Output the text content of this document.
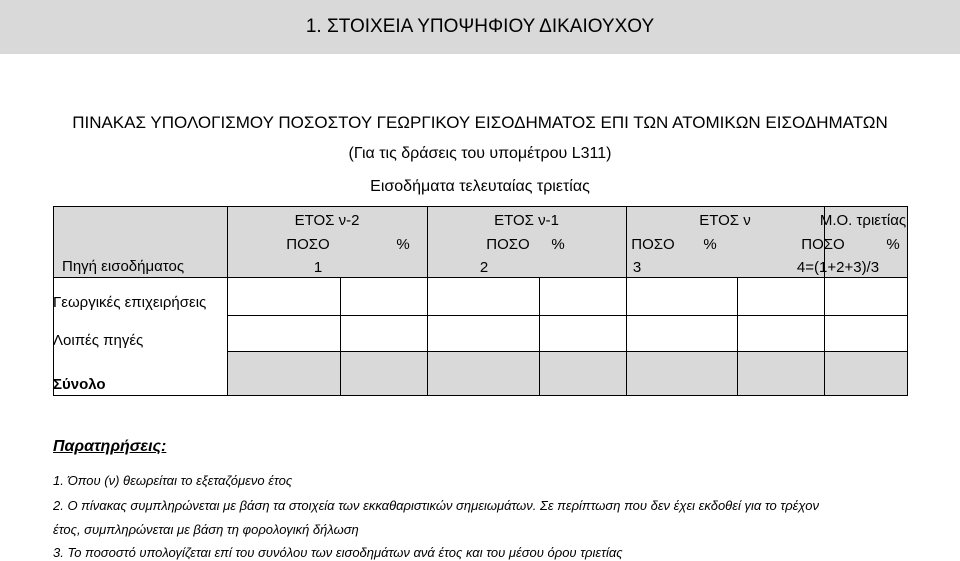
1. ΣΤΟΙΧΕΙΑ ΥΠΟΨΗΦΙΟΥ ΔΙΚΑΙΟΥΧΟΥ
ΠΙΝΑΚΑΣ ΥΠΟΛΟΓΙΣΜΟΥ ΠΟΣΟΣΤΟΥ ΓΕΩΡΓΙΚΟΥ ΕΙΣΟΔΗΜΑΤΟΣ ΕΠΙ ΤΩΝ ΑΤΟΜΙΚΩΝ ΕΙΣΟΔΗΜΑΤΩΝ
(Για τις δράσεις του υπομέτρου L311)
Εισοδήματα τελευταίας τριετίας
ΕΤΟΣ ν-2	ΕΤΟΣ ν-1	ΕΤΟΣ ν	Μ.Ο. τριετίας
ΠΟΣΟ	%	ΠΟΣΟ	%	ΠΟΣΟ	%	ΠΟΣΟ	%
Πηγή εισοδήματος	1	2	3	4=(1+2+3)/3
Γεωργικές επιχειρήσεις
Λοιπές πηγές
Σύνολο
Παρατηρήσεις:
1. Όπου (ν) θεωρείται το εξεταζόμενο έτος
2. Ο πίνακας συμπληρώνεται με βάση τα στοιχεία των εκκαθαριστικών σημειωμάτων. Σε περίπτωση που δεν έχει εκδοθεί για το τρέχον
έτος, συμπληρώνεται με βάση τη φορολογική δήλωση
3. Το ποσοστό υπολογίζεται επί του συνόλου των εισοδημάτων ανά έτος και του μέσου όρου τριετίας
